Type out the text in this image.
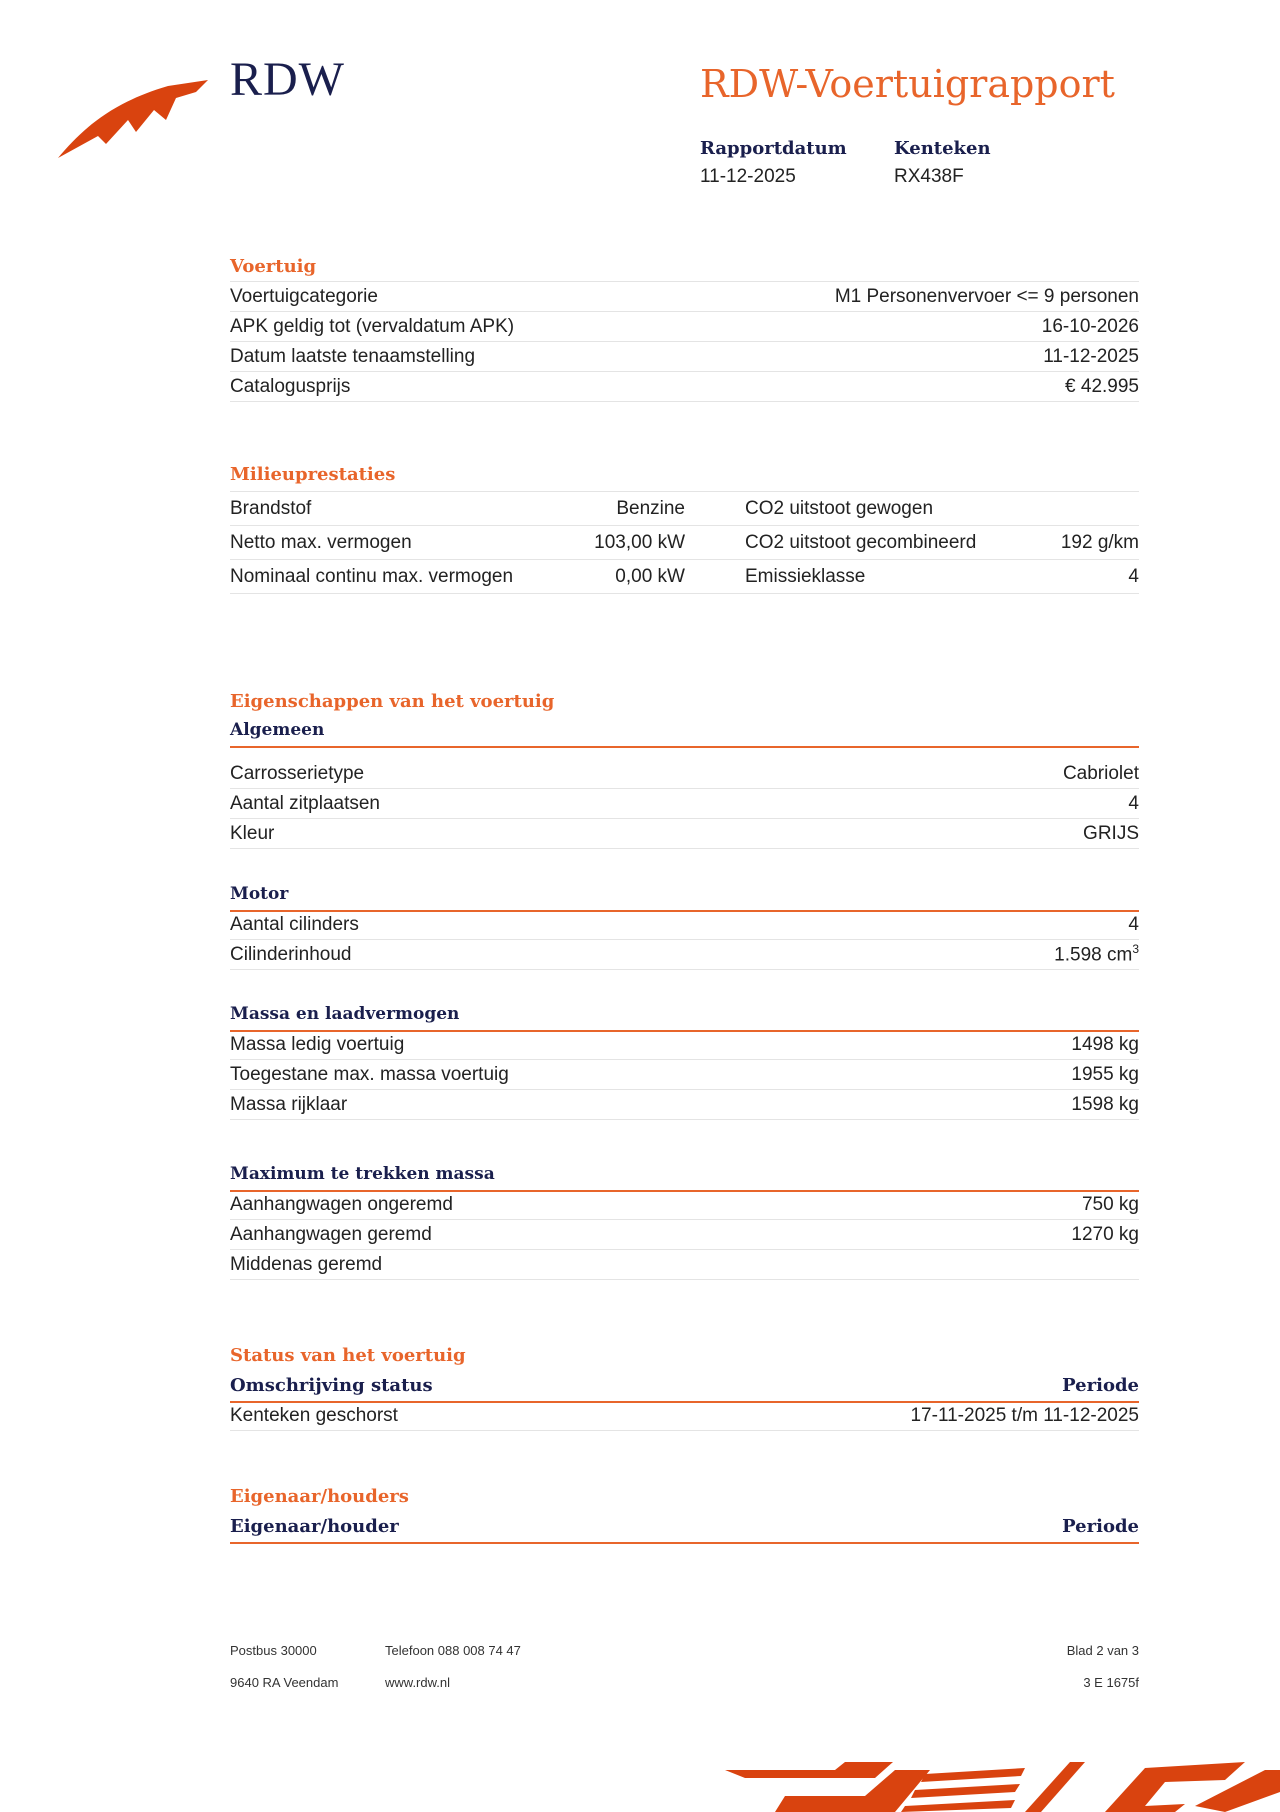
RDW	RDW-Voertuigrapport
Rapportdatum
11-12-2025
Kenteken
RX438F
Voertuig
Voertuigcategorie	M1 Personenvervoer <= 9 personen
APK geldig tot (vervaldatum APK)	16-10-2026
Datum laatste tenaamstelling	11-12-2025
Catalogusprijs	€ 42.995
Milieuprestaties
Brandstof	Benzine	CO2 uitstoot gewogen
Netto max. vermogen	103,00 kW	CO2 uitstoot gecombineerd	192 g/km
Nominaal continu max. vermogen	0,00 kW	Emissieklasse	4
Eigenschappen van het voertuig
Algemeen
Carrosserietype	Cabriolet
Aantal zitplaatsen	4
Kleur	GRIJS
Motor
Aantal cilinders	4
Cilinderinhoud	1.598 $cm^3$
Massa en laadvermogen
Massa ledig voertuig	1498 kg
Toegestane max. massa voertuig	1955 kg
Massa rijklaar	1598 kg
Maximum te trekken massa
Aanhangwagen ongeremd	750 kg
Aanhangwagen geremd	1270 kg
Middenas geremd
Status van het voertuig
Omschrijving status	Periode
Kenteken geschorst	17-11-2025 t/m 11-12-2025
Eigenaar/houders
Eigenaar/houder	Periode
Postbus 30000
9640 RA Veendam
Telefoon 088 008 74 47
www.rdw.nl
Blad 2 van 3
3 E 1675f
